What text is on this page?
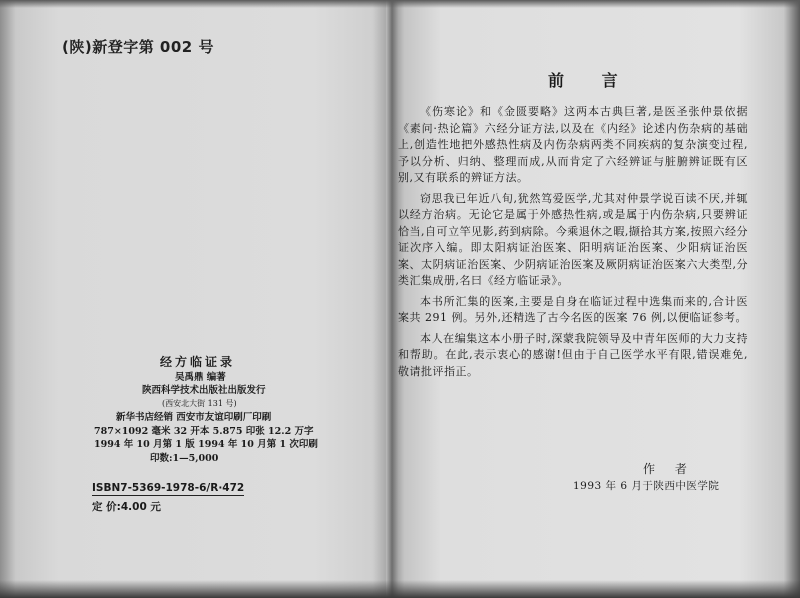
(陕)新登字第 002 号
经方临证录
吴禹鼎 编著
陕西科学技术出版社出版发行
(西安北大街 131 号)
新华书店经销 西安市友谊印刷厂印刷
787×1092 毫米 32 开本 5.875 印张 12.2 万字
1994 年 10 月第 1 版 1994 年 10 月第 1 次印刷
印数:1—5,000
ISBN7-5369-1978-6/R·472
定 价:4.00 元
前 言

《伤寒论》和《金匮要略》这两本古典巨著,是医圣张仲景依据《素问·热论篇》六经分证方法,以及在《内经》论述内伤杂病的基础上,创造性地把外感热性病及内伤杂病两类不同疾病的复杂演变过程,予以分析、归纳、整理而成,从而肯定了六经辨证与脏腑辨证既有区别,又有联系的辨证方法。

窃思我已年近八旬,犹然笃爱医学,尤其对仲景学说百读不厌,并辄以经方治病。无论它是属于外感热性病,或是属于内伤杂病,只要辨证恰当,自可立竿见影,药到病除。今乘退休之暇,撷拾其方案,按照六经分证次序入编。即太阳病证治医案、阳明病证治医案、少阳病证治医案、太阴病证治医案、少阴病证治医案及厥阴病证治医案六大类型,分类汇集成册,名曰《经方临证录》。

本书所汇集的医案,主要是自身在临证过程中选集而来的,合计医案共 291 例。另外,还精选了古今名医的医案 76 例,以便临证参考。

本人在编集这本小册子时,深蒙我院领导及中青年医师的大力支持和帮助。在此,表示衷心的感谢!但由于自己医学水平有限,错误难免,敬请批评指正。

作 者
1993 年 6 月于陕西中医学院
